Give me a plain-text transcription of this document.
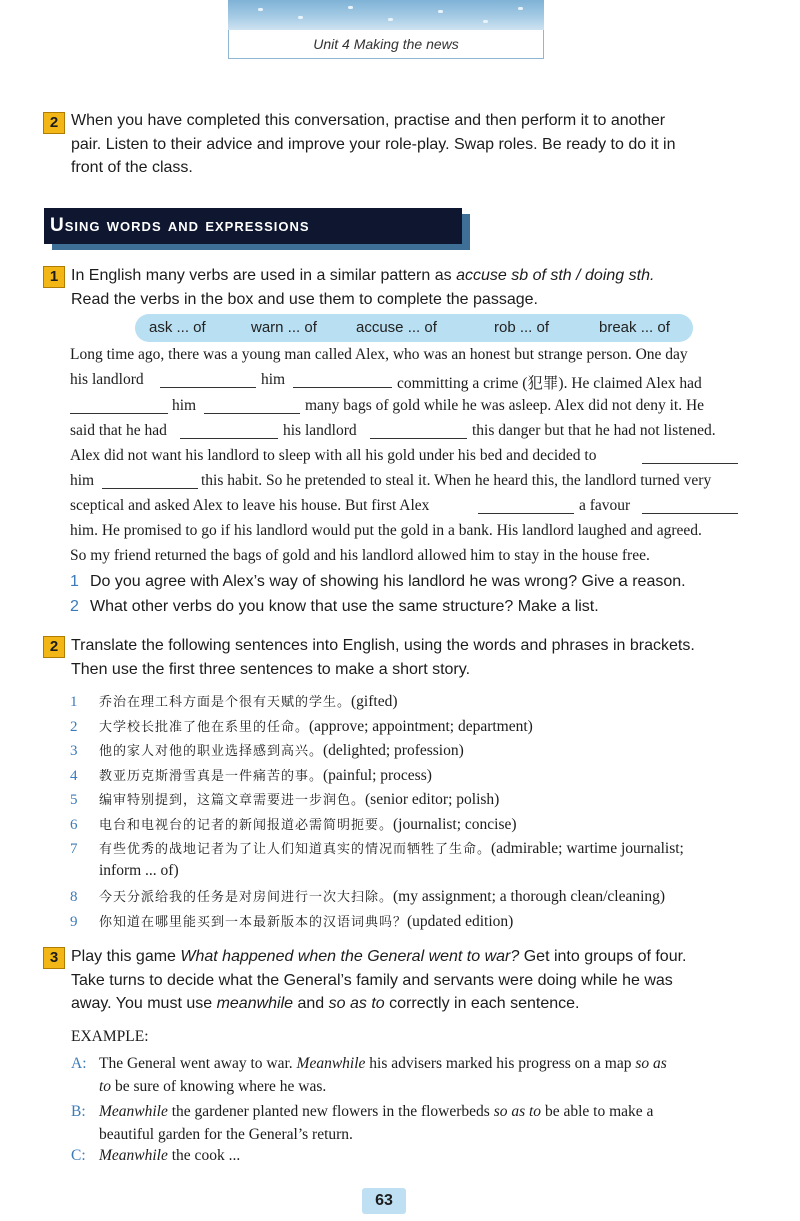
Unit 4 Making the news
2 When you have completed this conversation, practise and then perform it to another
pair. Listen to their advice and improve your role-play. Swap roles. Be ready to do it in
front of the class.
Using words and expressions
1 In English many verbs are used in a similar pattern as accuse sb of sth / doing sth.
Read the verbs in the box and use them to complete the passage.
ask ... of	warn ... of	accuse ... of	rob ... of	break ... of
Long time ago, there was a young man called Alex, who was an honest but strange person. One day
his landlord	him	committing a crime (犯罪). He claimed Alex had
him	many bags of gold while he was asleep. Alex did not deny it. He
said that he had	his landlord	this danger but that he had not listened.
Alex did not want his landlord to sleep with all his gold under his bed and decided to
him	this habit. So he pretended to steal it. When he heard this, the landlord turned very
sceptical and asked Alex to leave his house. But first Alex	a favour
him. He promised to go if his landlord would put the gold in a bank. His landlord laughed and agreed.
So my friend returned the bags of gold and his landlord allowed him to stay in the house free.
1 Do you agree with Alex’s way of showing his landlord he was wrong? Give a reason.
2 What other verbs do you know that use the same structure? Make a list.
2 Translate the following sentences into English, using the words and phrases in brackets.
Then use the first three sentences to make a short story.
1 乔治在理工科方面是个很有天赋的学生。(gifted)
2 大学校长批准了他在系里的任命。(approve; appointment; department)
3 他的家人对他的职业选择感到高兴。(delighted; profession)
4 教亚历克斯滑雪真是一件痛苦的事。(painful; process)
5 编审特别提到，这篇文章需要进一步润色。(senior editor; polish)
6 电台和电视台的记者的新闻报道必需简明扼要。(journalist; concise)
7 有些优秀的战地记者为了让人们知道真实的情况而牺牲了生命。(admirable; wartime journalist;
inform ... of)
8 今天分派给我的任务是对房间进行一次大扫除。(my assignment; a thorough clean/cleaning)
9 你知道在哪里能买到一本最新版本的汉语词典吗？(updated edition)
3 Play this game What happened when the General went to war? Get into groups of four.
Take turns to decide what the General’s family and servants were doing while he was
away. You must use meanwhile and so as to correctly in each sentence.
EXAMPLE:
A: The General went away to war. Meanwhile his advisers marked his progress on a map so as
to be sure of knowing where he was.
B: Meanwhile the gardener planted new flowers in the flowerbeds so as to be able to make a
beautiful garden for the General’s return.
C: Meanwhile the cook ...
63
